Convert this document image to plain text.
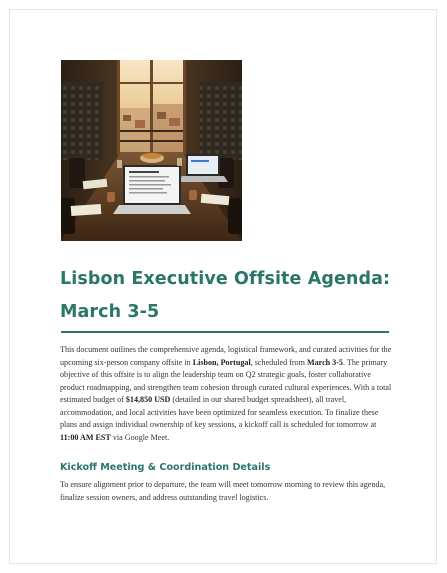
Lisbon Executive Offsite Agenda: March 3-5

This document outlines the comprehensive agenda, logistical framework, and curated activities for the upcoming six-person company offsite in Lisbon, Portugal, scheduled from March 3-5. The primary objective of this offsite is to align the leadership team on Q2 strategic goals, foster collaborative product roadmapping, and strengthen team cohesion through curated cultural experiences. With a total estimated budget of $14,850 USD (detailed in our shared budget spreadsheet), all travel, accommodation, and local activities have been optimized for seamless execution. To finalize these plans and assign individual ownership of key sessions, a kickoff call is scheduled for tomorrow at 11:00 AM EST via Google Meet.

Kickoff Meeting & Coordination Details

To ensure alignment prior to departure, the team will meet tomorrow morning to review this agenda, finalize session owners, and address outstanding travel logistics.
